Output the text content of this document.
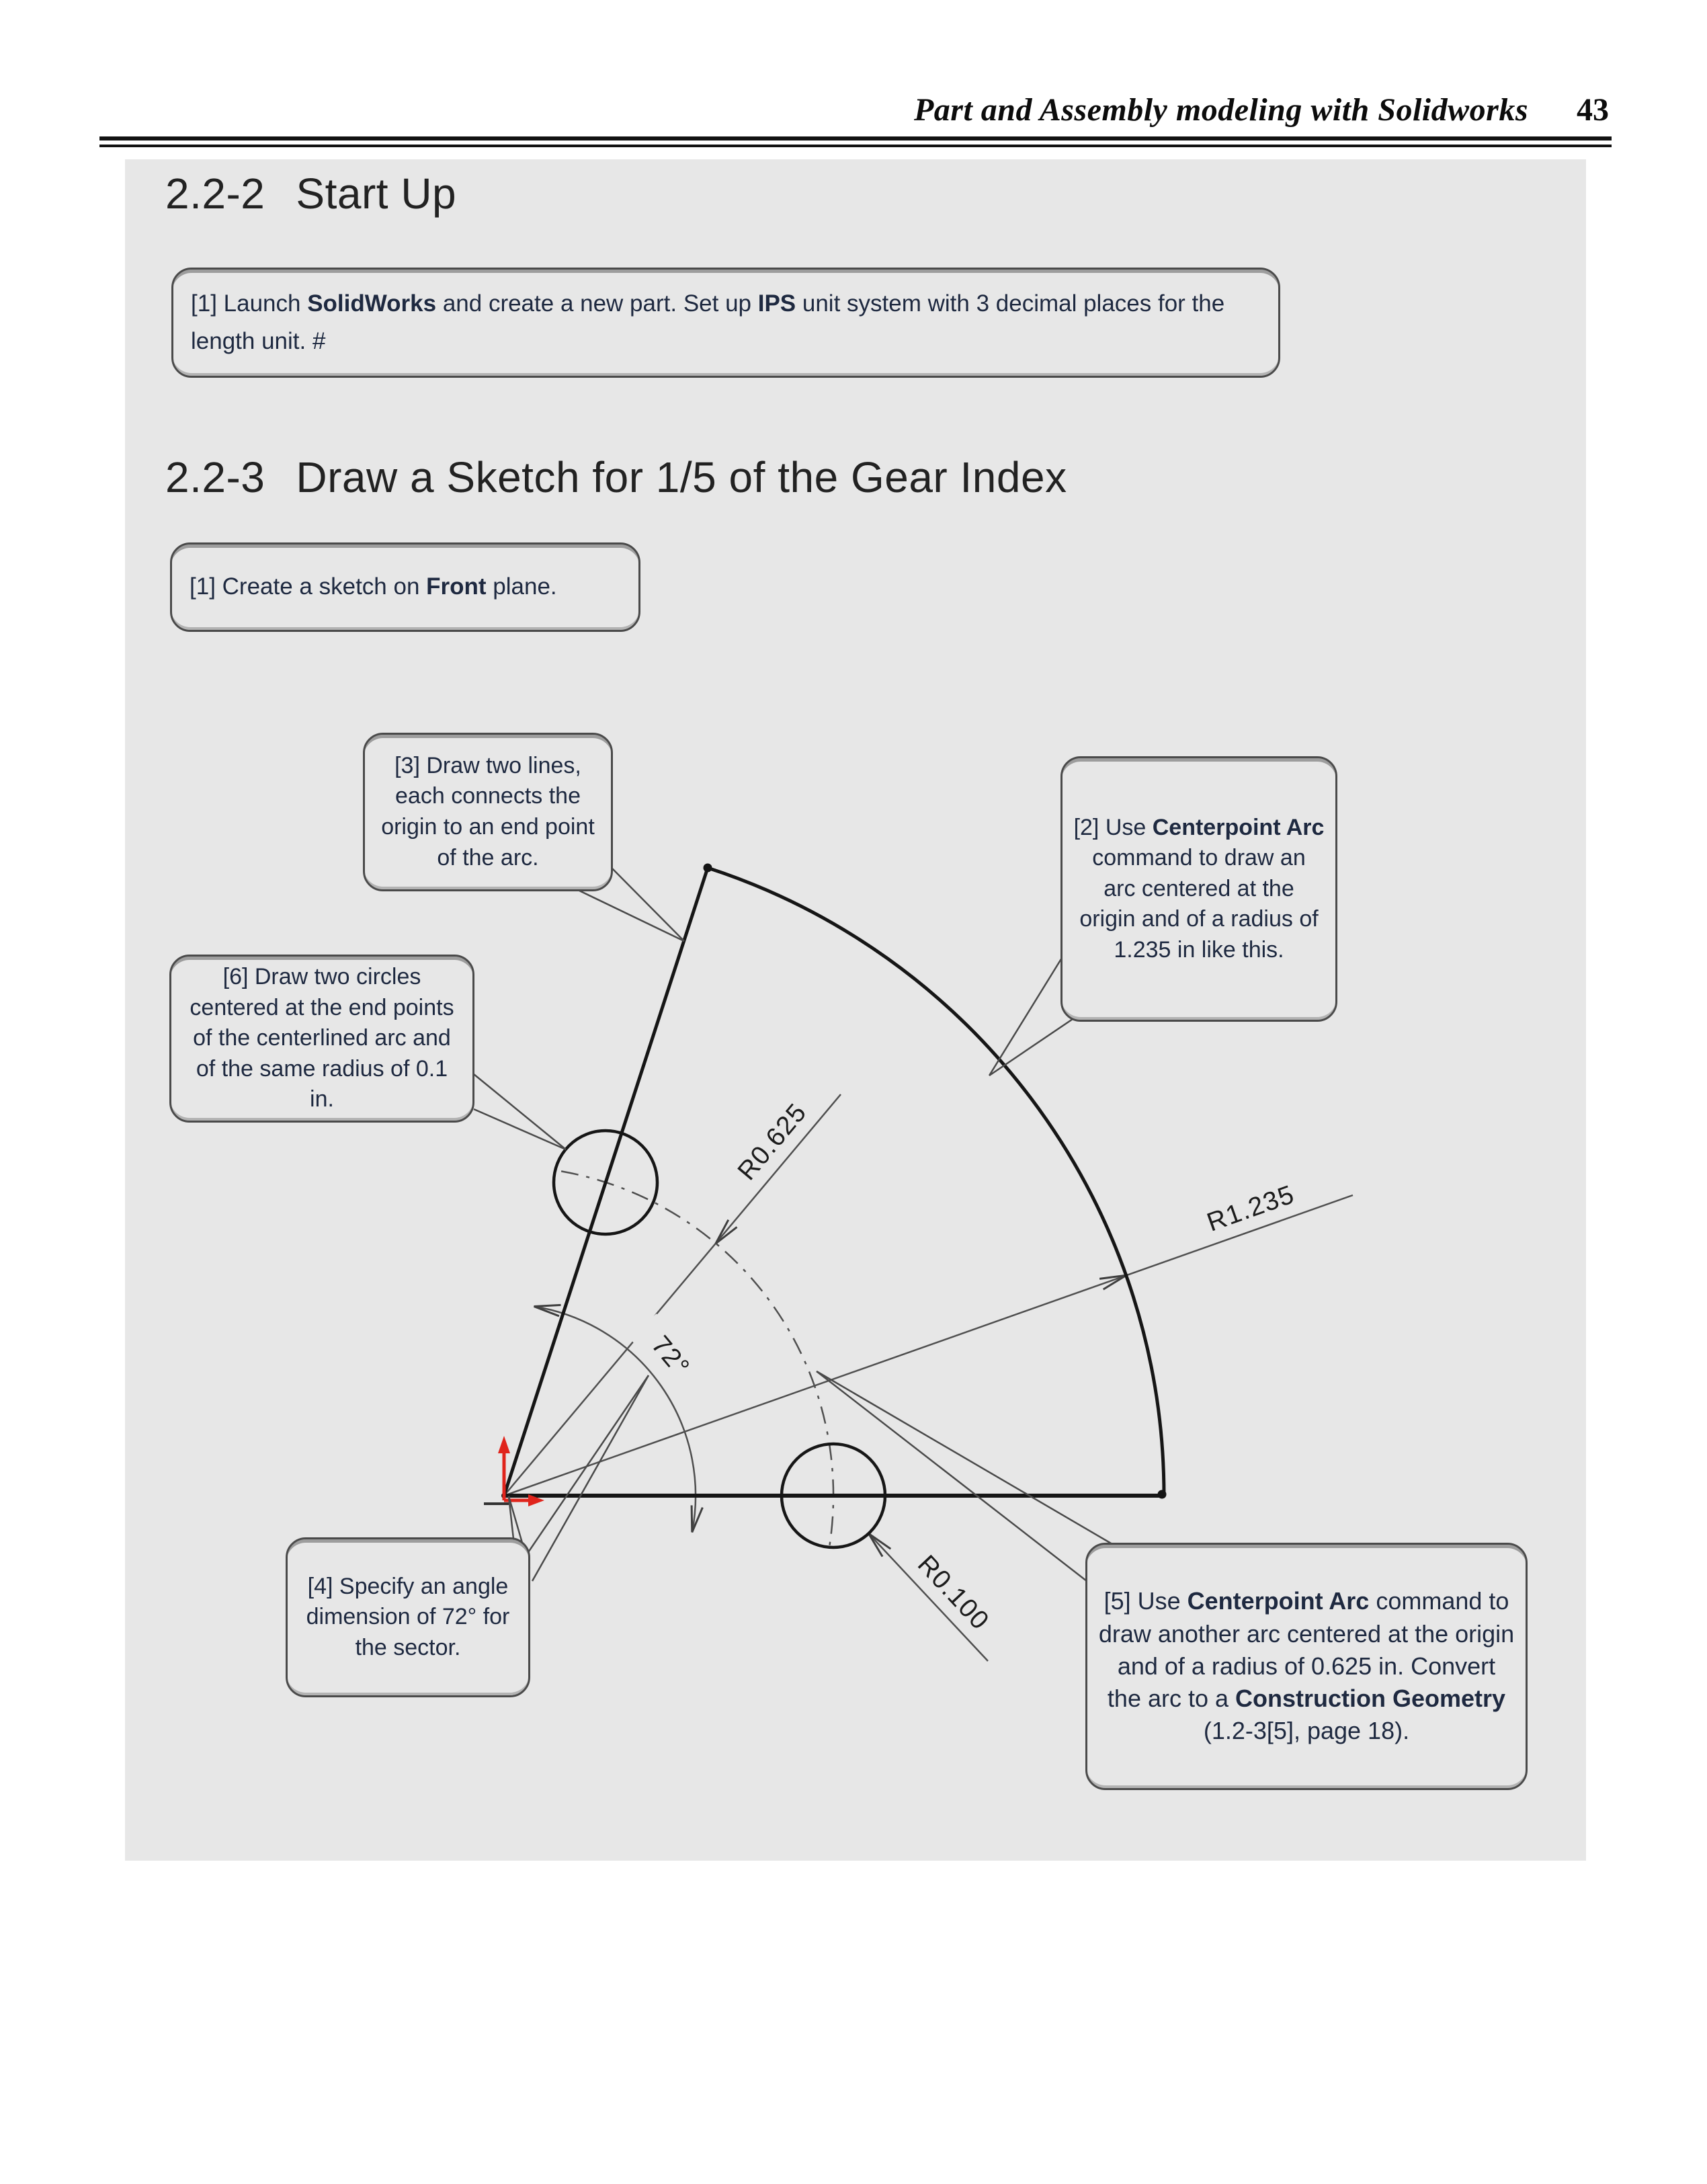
Part and Assembly modeling with Solidworks 43
R0.625
R1.235
72°
R0.100
2.2-2 Start Up
[1] Launch SolidWorks and create a new part. Set up IPS unit system with 3 decimal places for the length unit. #
2.2-3 Draw a Sketch for 1/5 of the Gear Index
[1] Create a sketch on Front plane.
[3] Draw two lines, each connects the origin to an end point of the arc.
[2] Use Centerpoint Arc command to draw an arc centered at the origin and of a radius of 1.235 in like this.
[6] Draw two circles centered at the end points of the centerlined arc and of the same radius of 0.1 in.
[4] Specify an angle dimension of 72° for the sector.
[5] Use Centerpoint Arc command to draw another arc centered at the origin and of a radius of 0.625 in. Convert the arc to a Construction Geometry (1.2-3[5], page 18).
